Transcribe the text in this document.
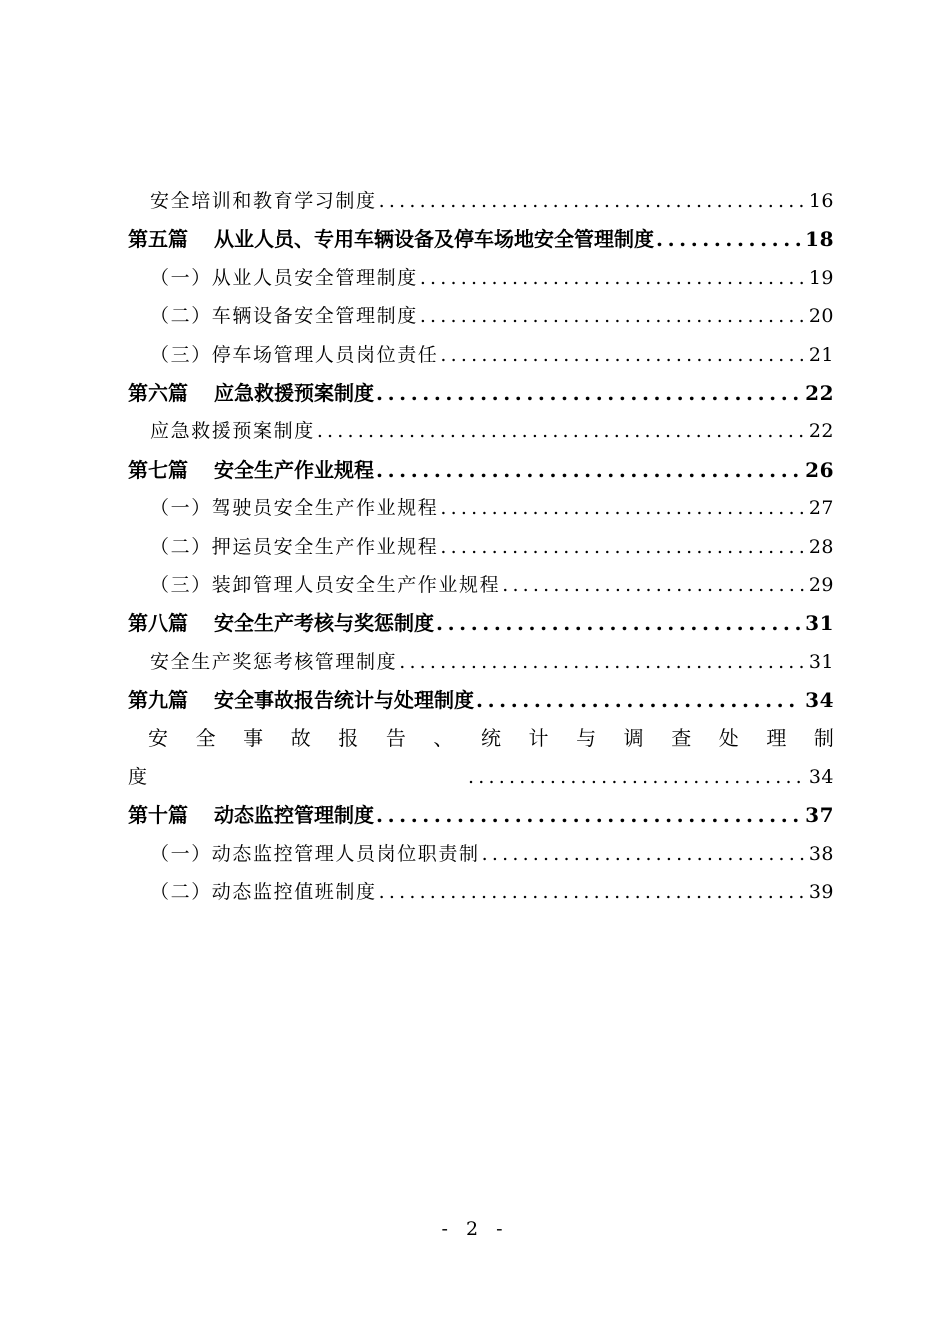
安全培训和教育学习制度 .....	16
第五篇 从业人员、专用车辆设备及停车场地安全管理制度 .....	18
（一）从业人员安全管理制度 .....	19
（二）车辆设备安全管理制度 .....	20
（三）停车场管理人员岗位责任 .....	21
第六篇 应急救援预案制度 .....	22
应急救援预案制度 .....	22
第七篇 安全生产作业规程 .....	26
（一）驾驶员安全生产作业规程 .....	27
（二）押运员安全生产作业规程 .....	28
（三）装卸管理人员安全生产作业规程 .....	29
第八篇 安全生产考核与奖惩制度 .....	31
安全生产奖惩考核管理制度 .....	31
第九篇 安全事故报告统计与处理制度 .....	34
安 全 事 故 报 告 、 统 计 与 调 查 处 理 制
度 .....	34
第十篇 动态监控管理制度 .....	37
（一）动态监控管理人员岗位职责制 .....	38
（二）动态监控值班制度 .....	39
- 2 -
